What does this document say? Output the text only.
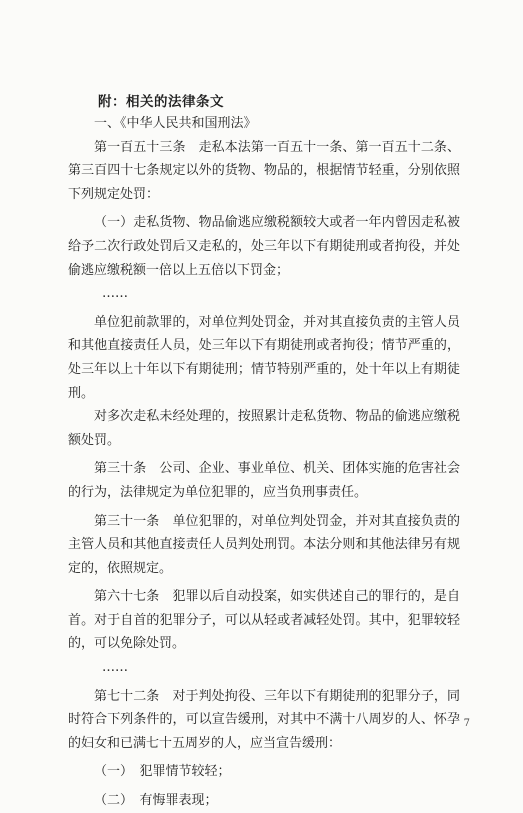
附：相关的法律条文

一、《中华人民共和国刑法》

第一百五十三条　走私本法第一百五十一条、第一百五十二条、第三百四十七条规定以外的货物、物品的，根据情节轻重，分别依照下列规定处罚：

（一）走私货物、物品偷逃应缴税额较大或者一年内曾因走私被给予二次行政处罚后又走私的，处三年以下有期徒刑或者拘役，并处偷逃应缴税额一倍以上五倍以下罚金；

……

单位犯前款罪的，对单位判处罚金，并对其直接负责的主管人员和其他直接责任人员，处三年以下有期徒刑或者拘役；情节严重的，处三年以上十年以下有期徒刑；情节特别严重的，处十年以上有期徒刑。

对多次走私未经处理的，按照累计走私货物、物品的偷逃应缴税额处罚。

第三十条　公司、企业、事业单位、机关、团体实施的危害社会的行为，法律规定为单位犯罪的，应当负刑事责任。

第三十一条　单位犯罪的，对单位判处罚金，并对其直接负责的主管人员和其他直接责任人员判处刑罚。本法分则和其他法律另有规定的，依照规定。

第六十七条　犯罪以后自动投案，如实供述自己的罪行的，是自首。对于自首的犯罪分子，可以从轻或者减轻处罚。其中，犯罪较轻的，可以免除处罚。

……

第七十二条　对于判处拘役、三年以下有期徒刑的犯罪分子，同时符合下列条件的，可以宣告缓刑，对其中不满十八周岁的人、怀孕的妇女和已满七十五周岁的人，应当宣告缓刑：

（一）　犯罪情节较轻；

（二）　有悔罪表现；

7
